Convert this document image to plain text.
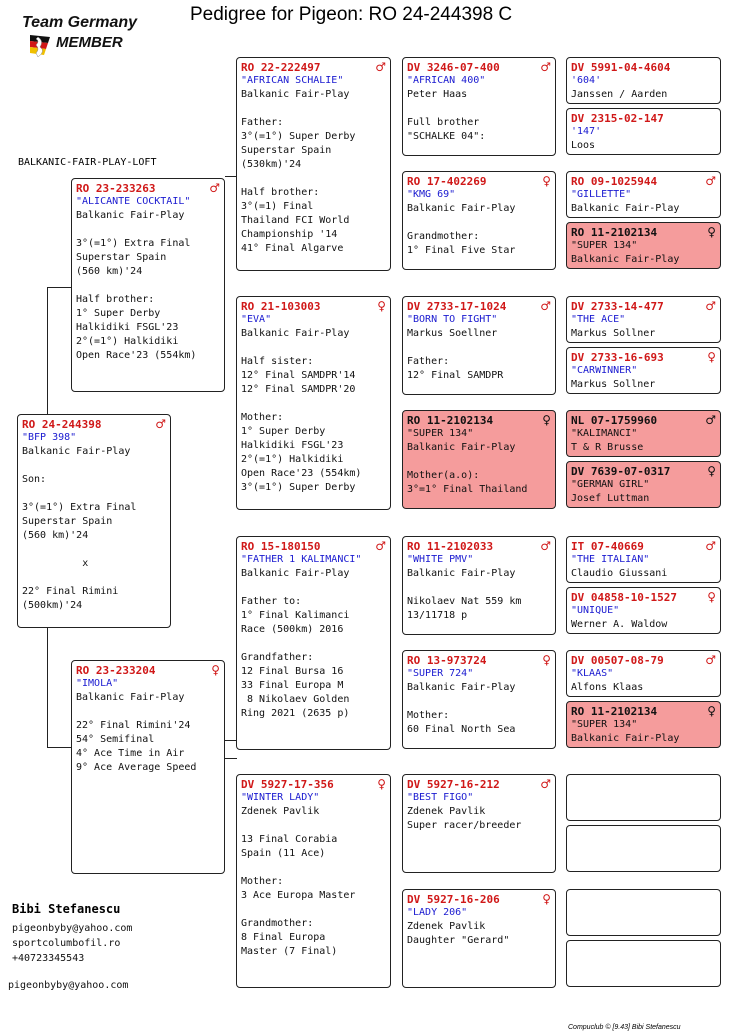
Pedigree for Pigeon: RO 24-244398 C
Team Germany
MEMBER
BALKANIC-FAIR-PLAY-LOFT
RO 24-244398	♂
"BFP 398"
Balkanic Fair-Play

Son:

3°(=1°) Extra Final
Superstar Spain
(560 km)'24

x

22° Final Rimini
(500km)'24
RO 23-233263	♂
"ALICANTE COCKTAIL"
Balkanic Fair-Play

3°(=1°) Extra Final
Superstar Spain
(560 km)'24

Half brother:
1° Super Derby
Halkidiki FSGL'23
2°(=1°) Halkidiki
Open Race'23 (554km)
RO 23-233204	♀
"IMOLA"
Balkanic Fair-Play

22° Final Rimini'24
54° Semifinal
4° Ace Time in Air
9° Ace Average Speed
RO 22-222497	♂
"AFRICAN SCHALIE"
Balkanic Fair-Play

Father:
3°(=1°) Super Derby
Superstar Spain
(530km)'24

Half brother:
3°(=1) Final
Thailand FCI World
Championship '14
41° Final Algarve
RO 21-103003	♀
"EVA"
Balkanic Fair-Play

Half sister:
12° Final SAMDPR'14
12° Final SAMDPR'20

Mother:
1° Super Derby
Halkidiki FSGL'23
2°(=1°) Halkidiki
Open Race'23 (554km)
3°(=1°) Super Derby
RO 15-180150	♂
"FATHER 1 KALIMANCI"
Balkanic Fair-Play

Father to:
1° Final Kalimanci
Race (500km) 2016

Grandfather:
12 Final Bursa 16
33 Final Europa M
8 Nikolaev Golden
Ring 2021 (2635 p)
DV 5927-17-356	♀
"WINTER LADY"
Zdenek Pavlik

13 Final Corabia
Spain (11 Ace)

Mother:
3 Ace Europa Master

Grandmother:
8 Final Europa
Master (7 Final)
DV 3246-07-400	♂
"AFRICAN 400"
Peter Haas

Full brother
"SCHALKE 04":
RO 17-402269	♀
"KMG 69"
Balkanic Fair-Play

Grandmother:
1° Final Five Star
DV 2733-17-1024	♂
"BORN TO FIGHT"
Markus Soellner

Father:
12° Final SAMDPR
RO 11-2102134	♀
"SUPER 134"
Balkanic Fair-Play

Mother(a.o):
3°=1° Final Thailand
RO 11-2102033	♂
"WHITE PMV"
Balkanic Fair-Play

Nikolaev Nat 559 km
13/11718 p
RO 13-973724	♀
"SUPER 724"
Balkanic Fair-Play

Mother:
60 Final North Sea
DV 5927-16-212	♂
"BEST FIGO"
Zdenek Pavlik
Super racer/breeder
DV 5927-16-206	♀
"LADY 206"
Zdenek Pavlik
Daughter "Gerard"
DV 5991-04-4604
'604'
Janssen / Aarden
DV 2315-02-147
'147'
Loos
RO 09-1025944	♂
"GILLETTE"
Balkanic Fair-Play
RO 11-2102134	♀
"SUPER 134"
Balkanic Fair-Play
DV 2733-14-477	♂
"THE ACE"
Markus Sollner
DV 2733-16-693	♀
"CARWINNER"
Markus Sollner
NL 07-1759960	♂
"KALIMANCI"
T & R Brusse
DV 7639-07-0317	♀
"GERMAN GIRL"
Josef Luttman
IT 07-40669	♂
"THE ITALIAN"
Claudio Giussani
DV 04858-10-1527	♀
"UNIQUE"
Werner A. Waldow
DV 00507-08-79	♂
"KLAAS"
Alfons Klaas
RO 11-2102134	♀
"SUPER 134"
Balkanic Fair-Play
Bibi Stefanescu
pigeonbyby@yahoo.com
sportcolumbofil.ro
+40723345543
pigeonbyby@yahoo.com
Compuclub © [9.43] Bibi Stefanescu
